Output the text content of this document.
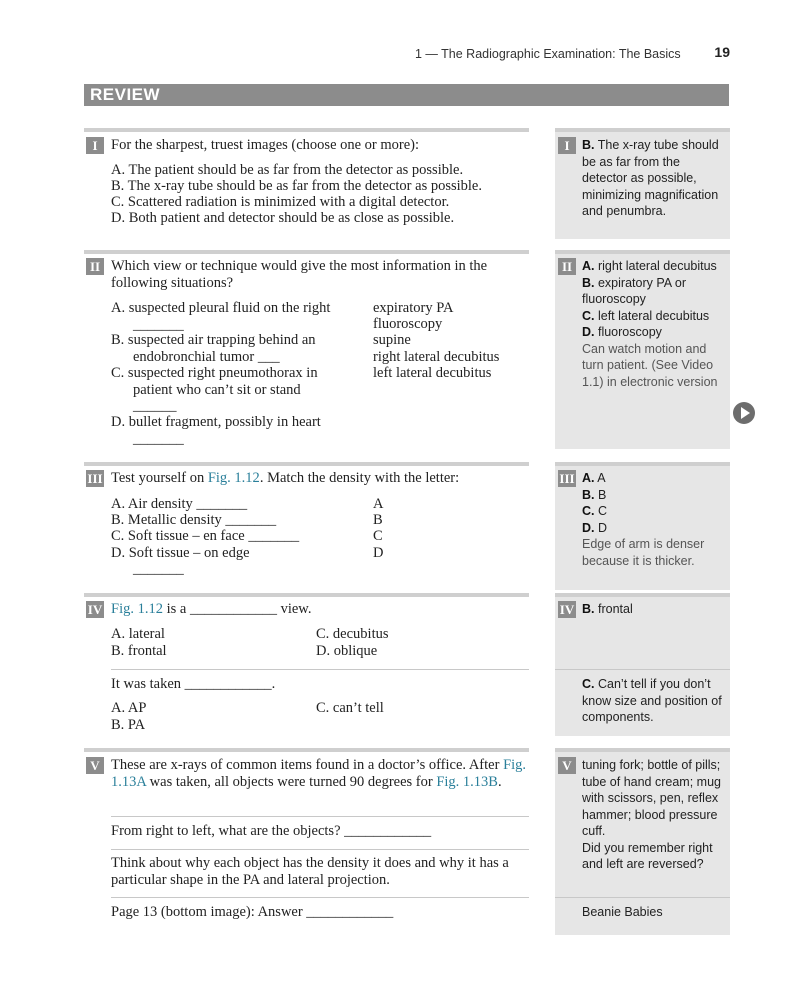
1 — The Radiographic Examination: The Basics 19
REVIEW
I For the sharpest, truest images (choose one or more):
A. The patient should be as far from the detector as possible.
B. The x-ray tube should be as far from the detector as possible.
C. Scattered radiation is minimized with a digital detector.
D. Both patient and detector should be as close as possible.
I B. The x-ray tube should be as far from the detector as possible, minimizing magnification and penumbra.
II Which view or technique would give the most information in the following situations?
A. suspected pleural fluid on the right _______
B. suspected air trapping behind an endobronchial tumor ___
C. suspected right pneumothorax in patient who can’t sit or stand ______
D. bullet fragment, possibly in heart _______
expiratory PA
fluoroscopy
supine
right lateral decubitus
left lateral decubitus
II A. right lateral decubitus
B. expiratory PA or fluoroscopy
C. left lateral decubitus
D. fluoroscopy
Can watch motion and turn patient. (See Video 1.1) in electronic version
III Test yourself on Fig. 1.12. Match the density with the letter:
A. Air density _______
B. Metallic density _______
C. Soft tissue – en face _______
D. Soft tissue – on edge
_______
A
B
C
D
III A. A
B. B
C. C
D. D
Edge of arm is denser because it is thicker.
IV Fig. 1.12 is a ____________ view.
A. lateral
B. frontal
C. decubitus
D. oblique
It was taken ____________.
A. AP
B. PA
C. can’t tell
IV B. frontal
C. Can’t tell if you don’t know size and position of components.
V These are x-rays of common items found in a doctor’s office. After Fig. 1.13A was taken, all objects were turned 90 degrees for Fig. 1.13B.
From right to left, what are the objects? ____________
Think about why each object has the density it does and why it has a particular shape in the PA and lateral projection.
Page 13 (bottom image): Answer ____________
V tuning fork; bottle of pills; tube of hand cream; mug with scissors, pen, reflex hammer; blood pressure cuff.
Did you remember right and left are reversed?
Beanie Babies
